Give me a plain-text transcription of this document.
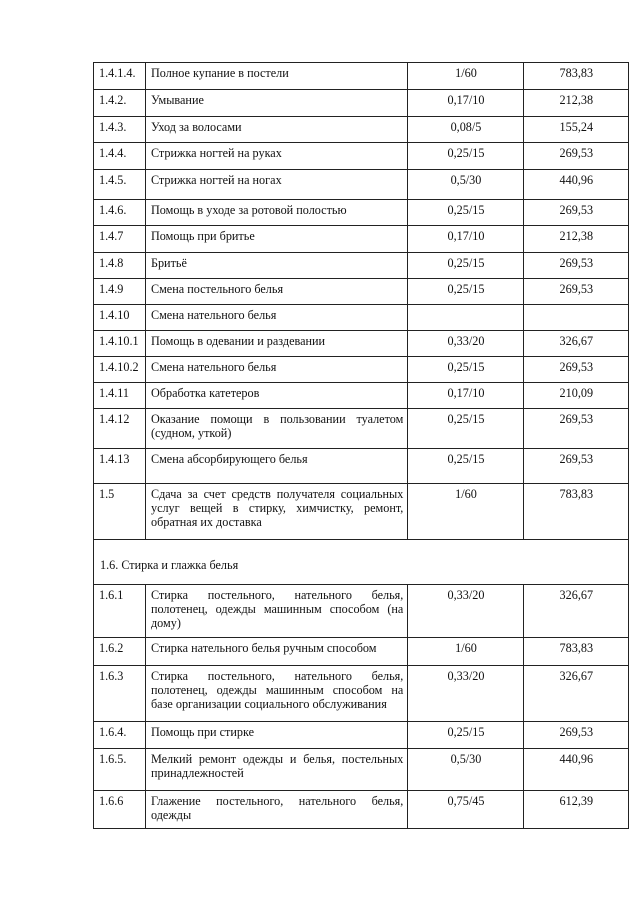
1.4.1.4.	Полное купание в постели	1/60	783,83
1.4.2.	Умывание	0,17/10	212,38
1.4.3.	Уход за волосами	0,08/5	155,24
1.4.4.	Стрижка ногтей на руках	0,25/15	269,53
1.4.5.	Стрижка ногтей на ногах	0,5/30	440,96
1.4.6.	Помощь в уходе за ротовой полостью	0,25/15	269,53
1.4.7	Помощь при бритье	0,17/10	212,38
1.4.8	Бритьё	0,25/15	269,53
1.4.9	Смена постельного белья	0,25/15	269,53
1.4.10	Смена нательного белья		
1.4.10.1	Помощь в одевании и раздевании	0,33/20	326,67
1.4.10.2	Смена нательного белья	0,25/15	269,53
1.4.11	Обработка катетеров	0,17/10	210,09
1.4.12	Оказание помощи в пользовании туалетом (судном, уткой)	0,25/15	269,53
1.4.13	Смена абсорбирующего белья	0,25/15	269,53
1.5	Сдача за счет средств получателя социальных услуг вещей в стирку, химчистку, ремонт, обратная их доставка	1/60	783,83
1.6. Стирка и глажка белья			
1.6.1	Стирка постельного, нательного белья, полотенец, одежды машинным способом (на дому)	0,33/20	326,67
1.6.2	Стирка нательного белья ручным способом	1/60	783,83
1.6.3	Стирка постельного, нательного белья, полотенец, одежды машинным способом на базе организации социального обслуживания	0,33/20	326,67
1.6.4.	Помощь при стирке	0,25/15	269,53
1.6.5.	Мелкий ремонт одежды и белья, постельных принадлежностей	0,5/30	440,96
1.6.6	Глажение постельного, нательного белья, одежды	0,75/45	612,39
